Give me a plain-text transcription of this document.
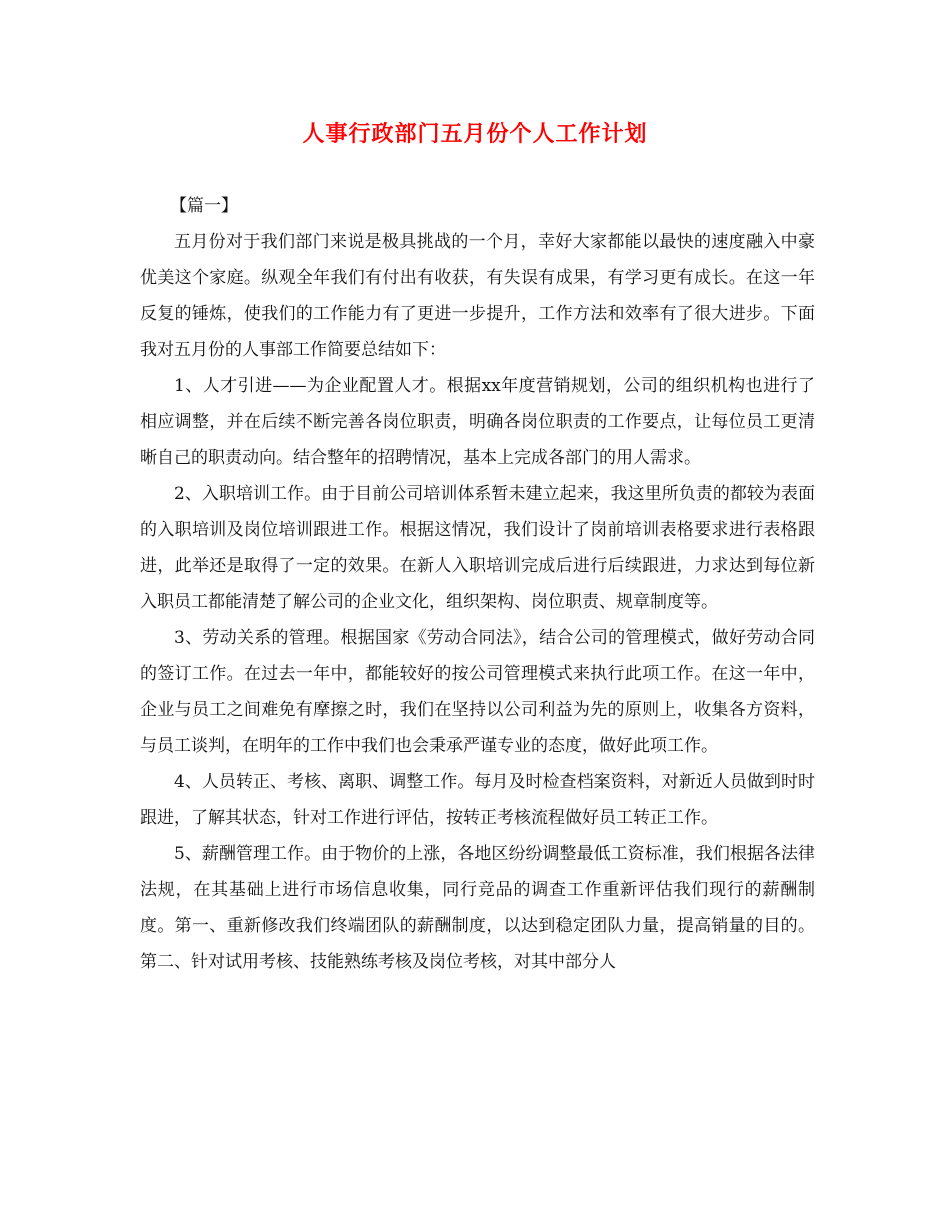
人事行政部门五月份个人工作计划

【篇一】

五月份对于我们部门来说是极具挑战的一个月，幸好大家都能以最快的速度融入中豪优美这个家庭。纵观全年我们有付出有收获，有失误有成果，有学习更有成长。在这一年反复的锤炼，使我们的工作能力有了更进一步提升，工作方法和效率有了很大进步。下面我对五月份的人事部工作简要总结如下：

1、人才引进——为企业配置人才。根据xx年度营销规划，公司的组织机构也进行了相应调整，并在后续不断完善各岗位职责，明确各岗位职责的工作要点，让每位员工更清晰自己的职责动向。结合整年的招聘情况，基本上完成各部门的用人需求。

2、入职培训工作。由于目前公司培训体系暂未建立起来，我这里所负责的都较为表面的入职培训及岗位培训跟进工作。根据这情况，我们设计了岗前培训表格要求进行表格跟进，此举还是取得了一定的效果。在新人入职培训完成后进行后续跟进，力求达到每位新入职员工都能清楚了解公司的企业文化，组织架构、岗位职责、规章制度等。

3、劳动关系的管理。根据国家《劳动合同法》，结合公司的管理模式，做好劳动合同的签订工作。在过去一年中，都能较好的按公司管理模式来执行此项工作。在这一年中，企业与员工之间难免有摩擦之时，我们在坚持以公司利益为先的原则上，收集各方资料，与员工谈判，在明年的工作中我们也会秉承严谨专业的态度，做好此项工作。

4、人员转正、考核、离职、调整工作。每月及时检查档案资料，对新近人员做到时时跟进，了解其状态，针对工作进行评估，按转正考核流程做好员工转正工作。

5、薪酬管理工作。由于物价的上涨，各地区纷纷调整最低工资标准，我们根据各法律法规，在其基础上进行市场信息收集，同行竞品的调查工作重新评估我们现行的薪酬制度。第一、重新修改我们终端团队的薪酬制度，以达到稳定团队力量，提高销量的目的。第二、针对试用考核、技能熟练考核及岗位考核，对其中部分人
